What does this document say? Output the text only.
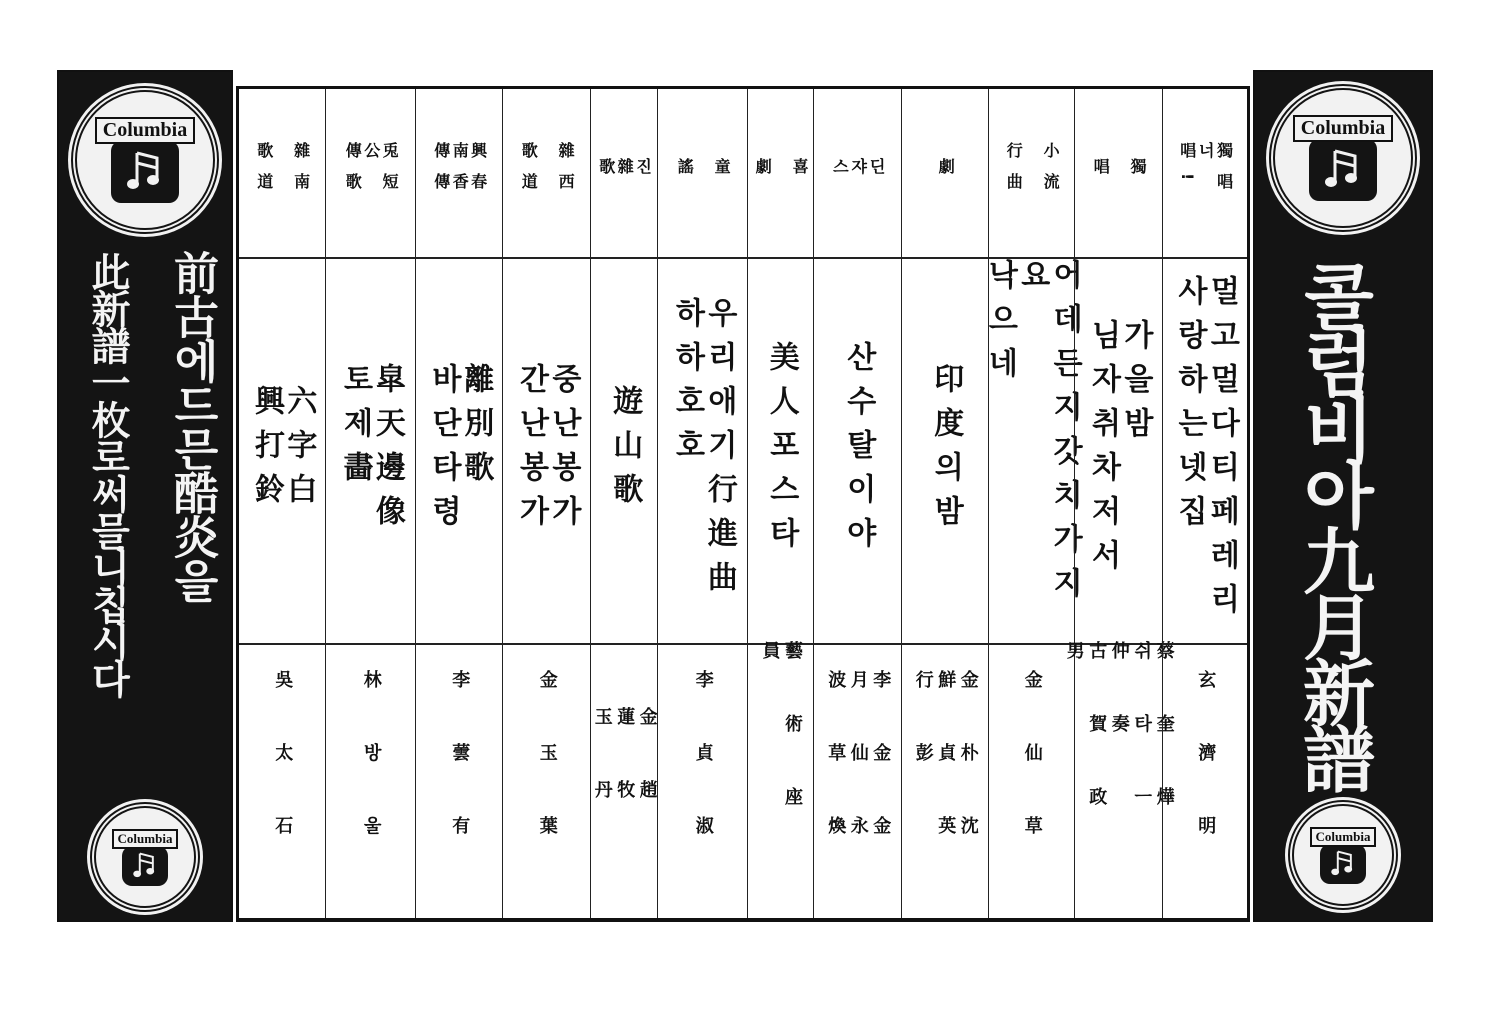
Columbia
前古에드믄酷炎을
此新譜一枚로써믈니칩시다
Columbia
Columbia
콜럼비아九月新譜
Columbia
雜南

歌道
六字白
興打鈴
吳太石
兎短
公
傳歌
皐天邊像
토제畵
林방울
興春
南香
傳傳
離別歌
바단타령
李蕓有
雜西

歌道
중난봉가
간난봉가
金玉葉
진
雜
歌
遊山歌
金趙
蓮牧
玉丹
童

謠
우리애기行進曲
하하호호
李貞淑
喜

劇
美人포스타
藝術座員
딘
쟈
스
산수탈이야
李金金
月仙永
波草煥
劇
印度의밤
金朴沈
鮮貞英
行彭
小流

行曲
어데든지갓치가지요
낙으네
金仙草
獨

唱
가을밤
님자취차저서
蔡奎燁
쉬타ㅡ仲奏
古賀政男
獨唱
너
唱!
멀고멀다티페레리
사랑하는넷집
玄濟明
